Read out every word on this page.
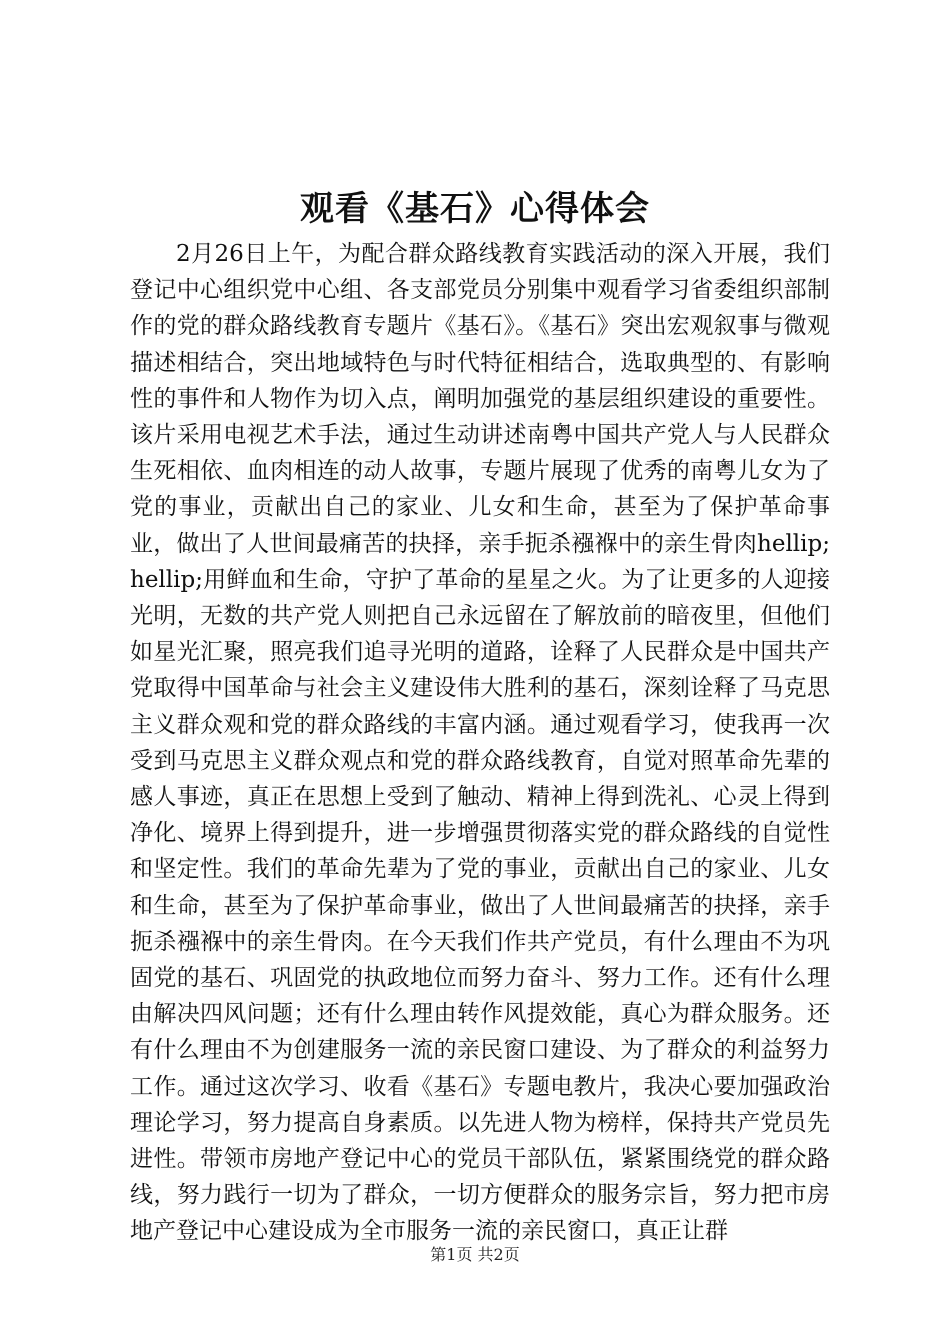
观看《基石》心得体会

2月26日上午，为配合群众路线教育实践活动的深入开展，我们登记中心组织党中心组、各支部党员分别集中观看学习省委组织部制作的党的群众路线教育专题片《基石》。《基石》突出宏观叙事与微观描述相结合，突出地域特色与时代特征相结合，选取典型的、有影响性的事件和人物作为切入点，阐明加强党的基层组织建设的重要性。该片采用电视艺术手法，通过生动讲述南粤中国共产党人与人民群众生死相依、血肉相连的动人故事，专题片展现了优秀的南粤儿女为了党的事业，贡献出自己的家业、儿女和生命，甚至为了保护革命事业，做出了人世间最痛苦的抉择，亲手扼杀襁褓中的亲生骨肉hellip;hellip;用鲜血和生命，守护了革命的星星之火。为了让更多的人迎接光明，无数的共产党人则把自己永远留在了解放前的暗夜里，但他们如星光汇聚，照亮我们追寻光明的道路，诠释了人民群众是中国共产党取得中国革命与社会主义建设伟大胜利的基石，深刻诠释了马克思主义群众观和党的群众路线的丰富内涵。通过观看学习，使我再一次受到马克思主义群众观点和党的群众路线教育，自觉对照革命先辈的感人事迹，真正在思想上受到了触动、精神上得到洗礼、心灵上得到净化、境界上得到提升，进一步增强贯彻落实党的群众路线的自觉性和坚定性。我们的革命先辈为了党的事业，贡献出自己的家业、儿女和生命，甚至为了保护革命事业，做出了人世间最痛苦的抉择，亲手扼杀襁褓中的亲生骨肉。在今天我们作共产党员，有什么理由不为巩固党的基石、巩固党的执政地位而努力奋斗、努力工作。还有什么理由解决四风问题；还有什么理由转作风提效能，真心为群众服务。还有什么理由不为创建服务一流的亲民窗口建设、为了群众的利益努力工作。通过这次学习、收看《基石》专题电教片，我决心要加强政治理论学习，努力提高自身素质。以先进人物为榜样，保持共产党员先进性。带领市房地产登记中心的党员干部队伍，紧紧围绕党的群众路线，努力践行一切为了群众，一切方便群众的服务宗旨，努力把市房地产登记中心建设成为全市服务一流的亲民窗口，真正让群

第1页 共2页
